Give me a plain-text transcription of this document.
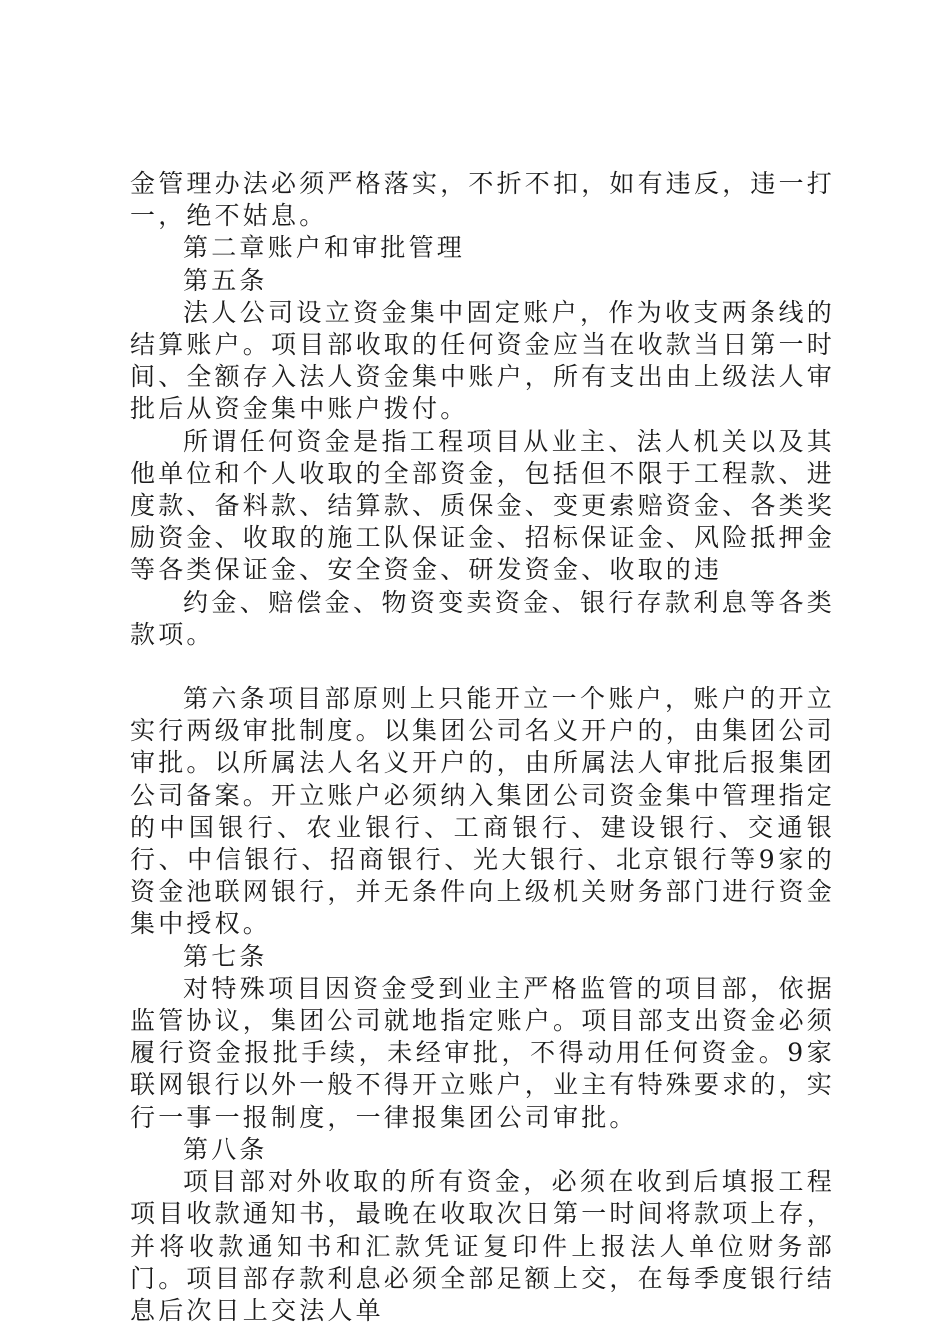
金管理办法必须严格落实，不折不扣，如有违反，违一打一，绝不姑息。

第二章账户和审批管理

第五条

法人公司设立资金集中固定账户，作为收支两条线的结算账户。项目部收取的任何资金应当在收款当日第一时间、全额存入法人资金集中账户，所有支出由上级法人审批后从资金集中账户拨付。

所谓任何资金是指工程项目从业主、法人机关以及其他单位和个人收取的全部资金，包括但不限于工程款、进度款、备料款、结算款、质保金、变更索赔资金、各类奖励资金、收取的施工队保证金、招标保证金、风险抵押金等各类保证金、安全资金、研发资金、收取的违

约金、赔偿金、物资变卖资金、银行存款利息等各类款项。

第六条项目部原则上只能开立一个账户，账户的开立实行两级审批制度。以集团公司名义开户的，由集团公司审批。以所属法人名义开户的，由所属法人审批后报集团公司备案。开立账户必须纳入集团公司资金集中管理指定的中国银行、农业银行、工商银行、建设银行、交通银行、中信银行、招商银行、光大银行、北京银行等9家的资金池联网银行，并无条件向上级机关财务部门进行资金集中授权。

第七条

对特殊项目因资金受到业主严格监管的项目部，依据监管协议，集团公司就地指定账户。项目部支出资金必须履行资金报批手续，未经审批，不得动用任何资金。9家联网银行以外一般不得开立账户，业主有特殊要求的，实行一事一报制度，一律报集团公司审批。

第八条

项目部对外收取的所有资金，必须在收到后填报工程项目收款通知书，最晚在收取次日第一时间将款项上存，并将收款通知书和汇款凭证复印件上报法人单位财务部门。项目部存款利息必须全部足额上交，在每季度银行结息后次日上交法人单
